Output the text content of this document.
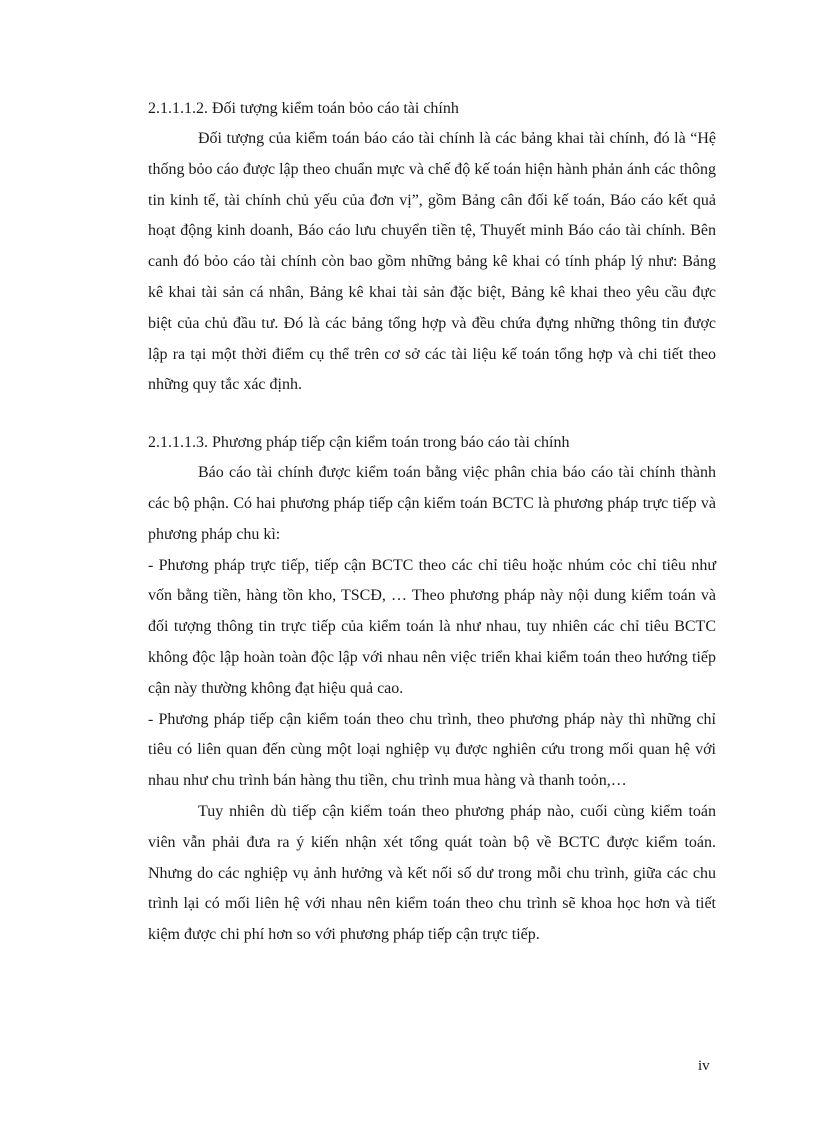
2.1.1.1.2. Đối tượng kiểm toán bỏo cáo tài chính

Đối tượng của kiểm toán báo cáo tài chính là các bảng khai tài chính, đó là “Hệ thống bỏo cáo được lập theo chuẩn mực và chế độ kế toán hiện hành phản ánh các thông tin kinh tế, tài chính chủ yếu của đơn vị”, gồm Bảng cân đối kế toán, Báo cáo kết quả hoạt động kinh doanh, Báo cáo lưu chuyển tiền tệ, Thuyết minh Báo cáo tài chính. Bên canh đó bỏo cáo tài chính còn bao gồm những bảng kê khai có tính pháp lý như: Bảng kê khai tài sản cá nhân, Bảng kê khai tài sản đặc biệt, Bảng kê khai theo yêu cầu đực biệt của chủ đầu tư. Đó là các bảng tổng hợp và đều chứa đựng những thông tin được lập ra tại một thời điểm cụ thể trên cơ sở các tài liệu kế toán tổng hợp và chi tiết theo những quy tắc xác định.

2.1.1.1.3. Phương pháp tiếp cận kiểm toán trong báo cáo tài chính

Báo cáo tài chính được kiểm toán bằng việc phân chia báo cáo tài chính thành các bộ phận. Có hai phương pháp tiếp cận kiểm toán BCTC là phương pháp trực tiếp và phương pháp chu kì:

- Phương pháp trực tiếp, tiếp cận BCTC theo các chỉ tiêu hoặc nhúm cỏc chỉ tiêu như vốn bằng tiền, hàng tồn kho, TSCĐ, … Theo phương pháp này nội dung kiểm toán và đối tượng thông tin trực tiếp của kiểm toán là như nhau, tuy nhiên các chỉ tiêu BCTC không độc lập hoàn toàn độc lập với nhau nên việc triển khai kiểm toán theo hướng tiếp cận này thường không đạt hiệu quả cao.

- Phương pháp tiếp cận kiểm toán theo chu trình, theo phương pháp này thì những chỉ tiêu có liên quan đến cùng một loại nghiệp vụ được nghiên cứu trong mối quan hệ với nhau như chu trình bán hàng thu tiền, chu trình mua hàng và thanh toỏn,…

Tuy nhiên dù tiếp cận kiểm toán theo phương pháp nào, cuối cùng kiểm toán viên vẫn phải đưa ra ý kiến nhận xét tổng quát toàn bộ về BCTC được kiểm toán. Nhưng do các nghiệp vụ ảnh hưởng và kết nối số dư trong mỗi chu trình, giữa các chu trình lại có mối liên hệ với nhau nên kiểm toán theo chu trình sẽ khoa học hơn và tiết kiệm được chi phí hơn so với phương pháp tiếp cận trực tiếp.

iv
